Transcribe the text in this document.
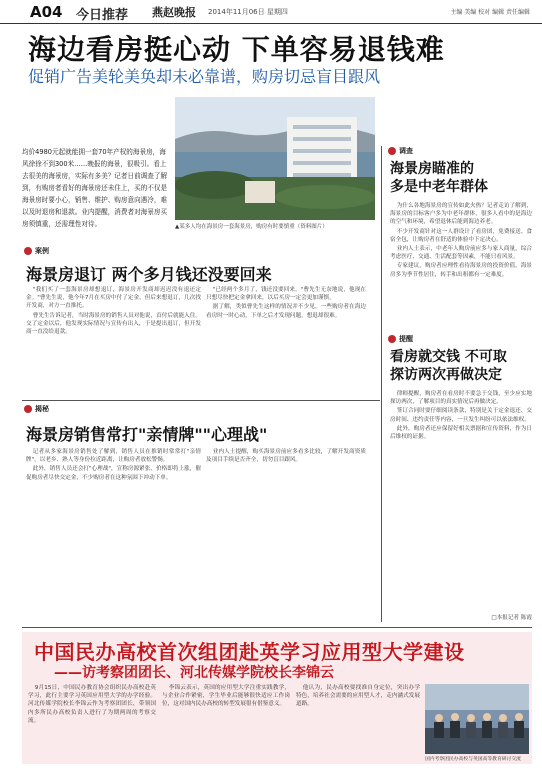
A04 今日推荐 燕赵晚报 2014年11月06日 星期四	主编 美编 校对 编辑 责任编辑
海边看房挺心动 下单容易退钱难
促销广告美轮美奂却未必靠谱，购房切忌盲目跟风

均价4980元起就能拥一套70年产权的海景房，海风徐徐不到300米……晚报的海景，很吸引。看上去很美的海景房，实际有多美？记者日前调查了解到，有购房者看好的海景房还未住上，买的不仅是海景房时要小心，销售、维护、购房意向遇冷，难以及时退房和退款。业内提醒，消费者对海景房买房须慎重，还需理性对待。	▲某多人均在海景房一套海景房，购房有时要慎重（资料图片）
案例
海景房退订 两个多月钱还没要回来

"我们买了一套海景房却想退订，海景房开发商却迟迟没有退还定金。"曹先生说，他今年7月在买房中付了定金，但后来想退订，几次找开发商，对方一直推托。

曹先生告诉记者，当时海景房的销售人员对他说，首付后就能入住。交了定金以后，他发现实际情况与宣传有出入，于是提出退订，但开发商一直没给退款。

"已经两个多月了，钱还没要回来。"曹先生无奈地说，他现在只想尽快把定金拿回来，以后买房一定会更加谨慎。

据了解，类似曹先生这样的情况并不少见，一些购房者在海边看房时一时心动，下单之后才发现问题，想退却很难。

揭秘
海景房销售常打"亲情牌""心理战"

记者从多家海景房销售处了解到，销售人员在推销时常常打"亲情牌"，以老乡、熟人等身份拉近距离，让购房者放松警惕。

此外，销售人员还会打"心理战"，宣称房源紧张、价格即将上涨，催促购房者尽快交定金，不少购房者在这种氛围下冲动下单。

业内人士提醒，购买海景房前应多看多比较，了解开发商资质及项目手续是否齐全，切勿盲目跟风。

调查
海景房瞄准的
多是中老年群体

为什么各地海景房的宣传如此火热？记者走访了解到，海景房的目标客户多为中老年群体，很多人看中的是海边的空气和环境，希望退休后能到海边养老。

不少开发商针对这一人群设计了看房团，免费接送、食宿全包，让购房者在舒适的体验中下定决心。

业内人士表示，中老年人购房前应多与家人商量，综合考虑医疗、交通、生活配套等因素，不能只看风景。

专家建议，购房者应理性看待海景房的投资价值，海景房多为季节性居住，转手和出租都有一定难度。

提醒
看房就交钱 不可取
探访两次再做决定

律师提醒，购房者在看房时不要急于交钱，至少应实地探访两次，了解项目的真实情况后再做决定。

签订合同时要仔细阅读条款，特别是关于定金退还、交房时间、违约责任等内容，一旦发生纠纷可以依法维权。

此外，购房者还应保留好相关票据和宣传资料，作为日后维权的证据。

□本报记者 陈霞
中国民办高校首次组团赴英学习应用型大学建设
——访考察团团长、河北传媒学院校长李锦云

9月15日，中国民办教育协会组织民办高校赴英学习，此行主要学习英国应用型大学的办学经验。河北传媒学院校长李锦云作为考察团团长，带领国内多所民办高校负责人进行了为期两周的考察交流。

李锦云表示，英国的应用型大学注重实践教学，与企业合作紧密，学生毕业后能够很快适应工作岗位，这对国内民办高校的转型发展很有借鉴意义。

他认为，民办高校要找准自身定位，突出办学特色，培养社会需要的应用型人才，走内涵式发展道路。

国内考察团民办高校与英国高等教育研讨交流
